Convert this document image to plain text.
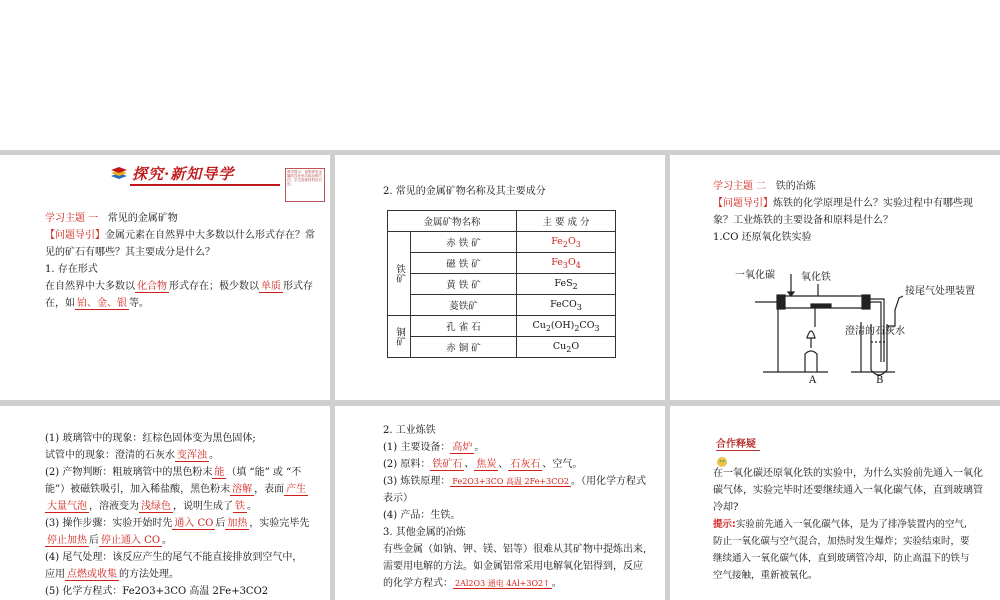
探究·新知导学	教学提示：说明常见金属的存在形式和冶炼方法。学生阅读材料后讨论。

学习主题 一 常见的金属矿物

【问题导引】金属元素在自然界中大多数以什么形式存在？常

见的矿石有哪些？其主要成分是什么？

1. 存在形式

在自然界中大多数以 化合物 形式存在；极少数以 单质 形式存

在，如 铂、金、银 等。

2. 常见的金属矿物名称及其主要成分

金属矿物名称		主 要 成 分
铁矿	赤 铁 矿	$Fe_2O_3$
	磁 铁 矿	$Fe_3O_4$
	黄 铁 矿	FeS$_2$
	菱铁矿	FeCO$_3$
铜矿	孔 雀 石	$Cu_2(OH)_2CO_3$
	赤 铜 矿	$Cu_2O$

学习主题 二 铁的冶炼

【问题导引】炼铁的化学原理是什么？实验过程中有哪些现

象？工业炼铁的主要设备和原料是什么？

1.CO 还原氧化铁实验

一氧化碳	氧化铁
接尾气处理装置
澄清的石灰水
A	B

(1) 玻璃管中的现象：红棕色固体变为黑色固体;

试管中的现象：澄清的石灰水 变浑浊 。

(2) 产物判断：粗玻璃管中的黑色粉末 能 （填 “能” 或 “不

能”）被磁铁吸引，加入稀盐酸，黑色粉末 溶解 ，表面 产生

大量气泡 ，溶液变为 浅绿色 ，说明生成了 铁 。

(3) 操作步骤：实验开始时先 通入 CO 后 加热 ，实验完毕先

停止加热 后 停止通入 CO 。

(4) 尾气处理：该反应产生的尾气不能直接排放到空气中，

应用 点燃或收集 的方法处理。

(5) 化学方程式：Fe2O3+3CO 高温 2Fe+3CO2

2. 工业炼铁

(1) 主要设备： 高炉 。

(2) 原料： 铁矿石 、 焦炭 、 石灰石 、空气。

(3) 炼铁原理： Fe2O3+3CO 高温 2Fe+3CO2 。（用化学方程式

表示）

(4) 产品：生铁。

3. 其他金属的冶炼

有些金属（如钠、钾、镁、铝等）很难从其矿物中提炼出来,

需要用电解的方法。如金属铝常采用电解氧化铝得到，反应

的化学方程式： 2Al2O3 通电 4Al+3O2↑ 。

合作释疑

在一氧化碳还原氧化铁的实验中，为什么实验前先通入一氧化

碳气体，实验完毕时还要继续通入一氧化碳气体，直到玻璃管

冷却?

提示:实验前先通入一氧化碳气体，是为了排净装置内的空气,

防止一氧化碳与空气混合，加热时发生爆炸；实验结束时，要

继续通入一氧化碳气体，直到玻璃管冷却，防止高温下的铁与

空气接触，重新被氧化。
